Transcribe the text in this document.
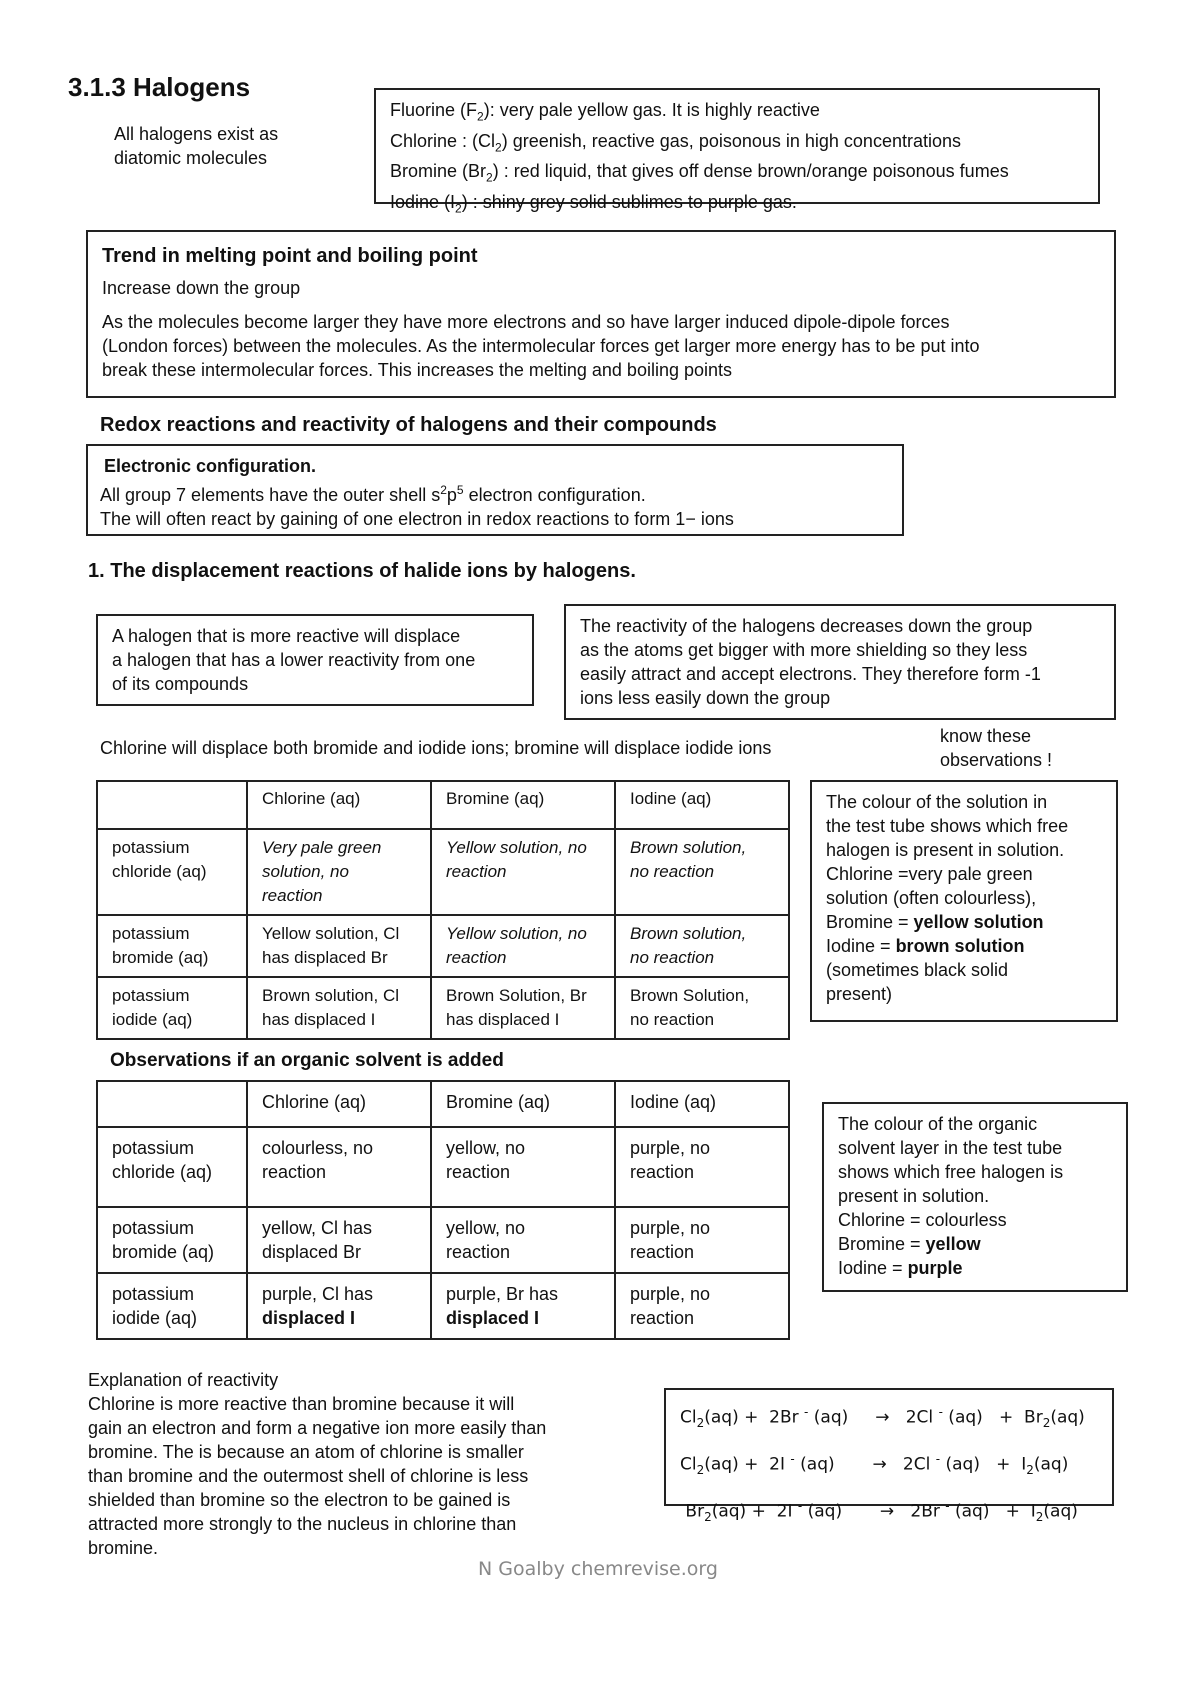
3.1.3 Halogens
All halogens exist as
diatomic molecules
Fluorine $(F_2)$: very pale yellow gas. It is highly reactive
Chlorine : $(Cl_2)$ greenish, reactive gas, poisonous in high concentrations
Bromine $(Br_2)$ : red liquid, that gives off dense brown/orange poisonous fumes
Iodine $(I_2)$ : shiny grey solid sublimes to purple gas.
Trend in melting point and boiling point
Increase down the group
As the molecules become larger they have more electrons and so have larger induced dipole-dipole forces
(London forces) between the molecules. As the intermolecular forces get larger more energy has to be put into
break these intermolecular forces. This increases the melting and boiling points
Redox reactions and reactivity of halogens and their compounds
Electronic configuration.
All group 7 elements have the outer shell $s^2p^5$ electron configuration.
The will often react by gaining of one electron in redox reactions to form 1− ions
1. The displacement reactions of halide ions by halogens.
A halogen that is more reactive will displace
a halogen that has a lower reactivity from one
of its compounds
The reactivity of the halogens decreases down the group
as the atoms get bigger with more shielding so they less
easily attract and accept electrons. They therefore form -1
ions less easily down the group
Chlorine will displace both bromide and iodide ions; bromine will displace iodide ions
know these
observations !
	Chlorine (aq)	Bromine (aq)	Iodine (aq)

potassium
chloride (aq)	Very pale green
solution, no
reaction	Yellow solution, no
reaction	Brown solution,
no reaction

potassium
bromide (aq)	Yellow solution, Cl
has displaced Br	Yellow solution, no
reaction	Brown solution,
no reaction

potassium
iodide (aq)	Brown solution, Cl
has displaced I	Brown Solution, Br
has displaced I	Brown Solution,
no reaction
The colour of the solution in
the test tube shows which free
halogen is present in solution.
Chlorine =very pale green
solution (often colourless),
Bromine = yellow solution
Iodine = brown solution
(sometimes black solid
present)
Observations if an organic solvent is added
	Chlorine (aq)	Bromine (aq)	Iodine (aq)

potassium
chloride (aq)	colourless, no
reaction	yellow, no
reaction	purple, no
reaction

potassium
bromide (aq)	yellow, Cl has
displaced Br	yellow, no
reaction	purple, no
reaction

potassium
iodide (aq)	purple, Cl has
displaced I	purple, Br has
displaced I	purple, no
reaction
The colour of the organic
solvent layer in the test tube
shows which free halogen is
present in solution.
Chlorine = colourless
Bromine = yellow
Iodine = purple
Explanation of reactivity
Chlorine is more reactive than bromine because it will
gain an electron and form a negative ion more easily than
bromine. The is because an atom of chlorine is smaller
than bromine and the outermost shell of chlorine is less
shielded than bromine so the electron to be gained is
attracted more strongly to the nucleus in chlorine than
bromine.
$Cl_2(aq) + 2Br$ - (aq)     →   2Cl - $(aq) + Br_2(aq)$
$Cl_2(aq) + 2I$ - (aq)       →   2Cl - $(aq) + I_2(aq)$
$Br_2(aq) + 2I$ - (aq)       →   2Br - $(aq) + I_2(aq)$
N Goalby chemrevise.org
